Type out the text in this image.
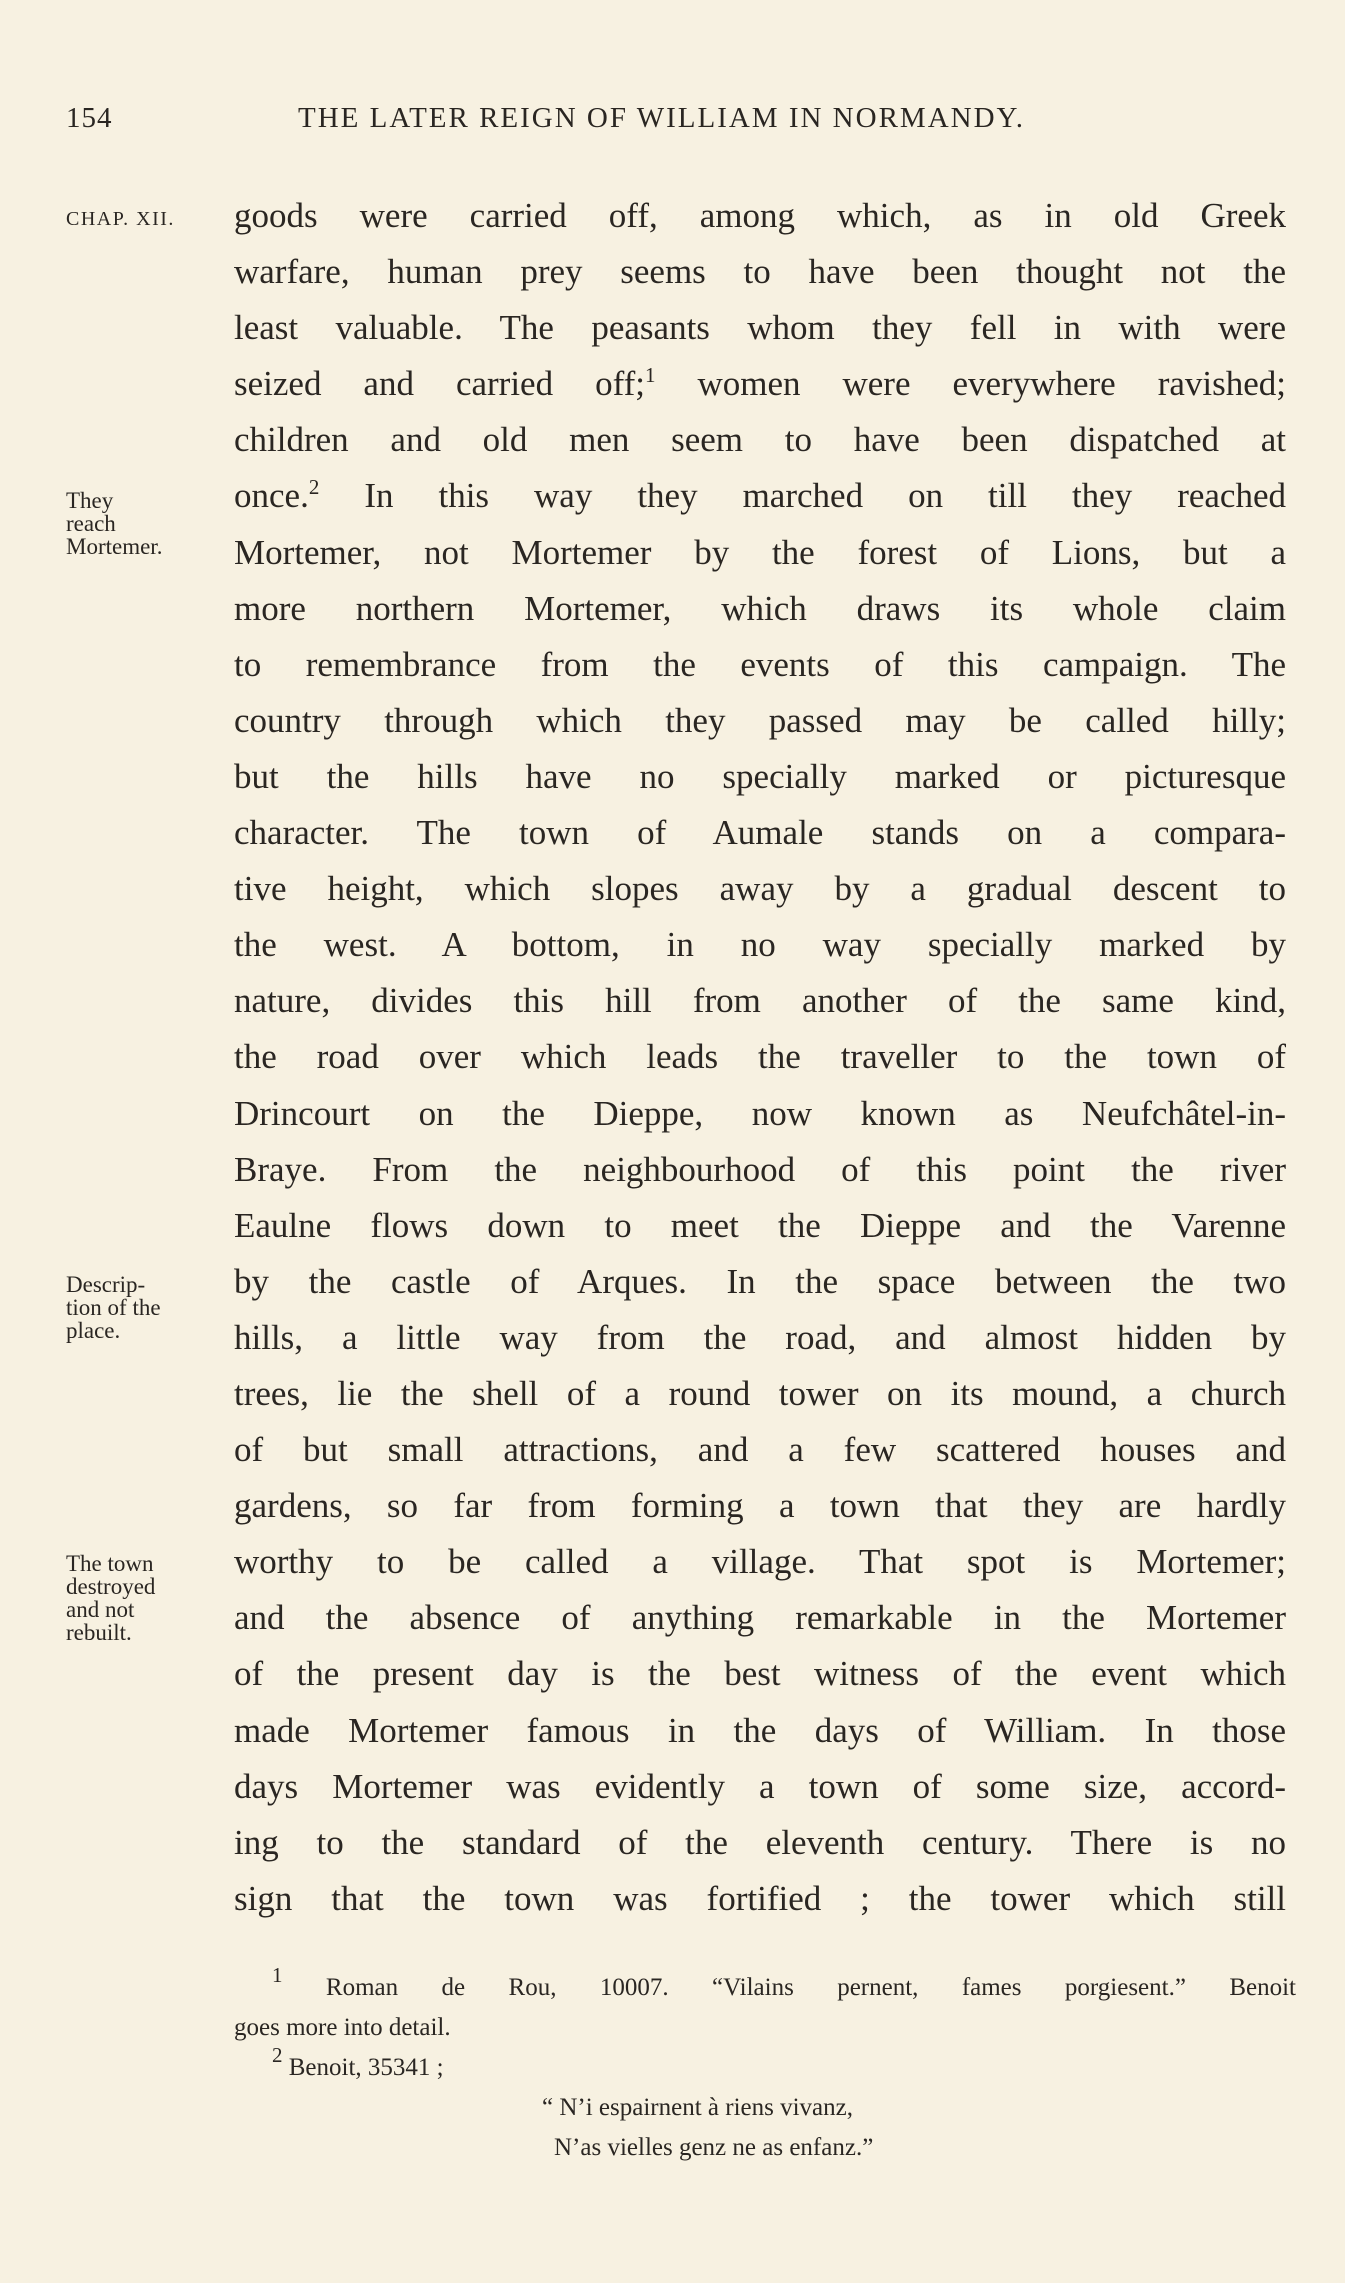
154	THE LATER REIGN OF WILLIAM IN NORMANDY.
CHAP. XII.
They
reach
Mortemer.
Descrip-
tion of the
place.
The town
destroyed
and not
rebuilt.
goods were carried off, among which, as in old Greek
warfare, human prey seems to have been thought not the
least valuable. The peasants whom they fell in with were
seized and carried off;$^1$ women were everywhere ravished;
children and old men seem to have been dispatched at
once.$^2$ In this way they marched on till they reached
Mortemer, not Mortemer by the forest of Lions, but a
more northern Mortemer, which draws its whole claim
to remembrance from the events of this campaign. The
country through which they passed may be called hilly;
but the hills have no specially marked or picturesque
character. The town of Aumale stands on a compara-
tive height, which slopes away by a gradual descent to
the west. A bottom, in no way specially marked by
nature, divides this hill from another of the same kind,
the road over which leads the traveller to the town of
Drincourt on the Dieppe, now known as Neufchâtel-in-
Braye. From the neighbourhood of this point the river
Eaulne flows down to meet the Dieppe and the Varenne
by the castle of Arques. In the space between the two
hills, a little way from the road, and almost hidden by
trees, lie the shell of a round tower on its mound, a church
of but small attractions, and a few scattered houses and
gardens, so far from forming a town that they are hardly
worthy to be called a village. That spot is Mortemer;
and the absence of anything remarkable in the Mortemer
of the present day is the best witness of the event which
made Mortemer famous in the days of William. In those
days Mortemer was evidently a town of some size, accord-
ing to the standard of the eleventh century. There is no
sign that the town was fortified ; the tower which still
$^1$ Roman de Rou, 10007. “Vilains pernent, fames porgiesent.” Benoit
goes more into detail.
$^2$ Benoit, 35341 ;
“ N’i espairnent à riens vivanz,
N’as vielles genz ne as enfanz.”
